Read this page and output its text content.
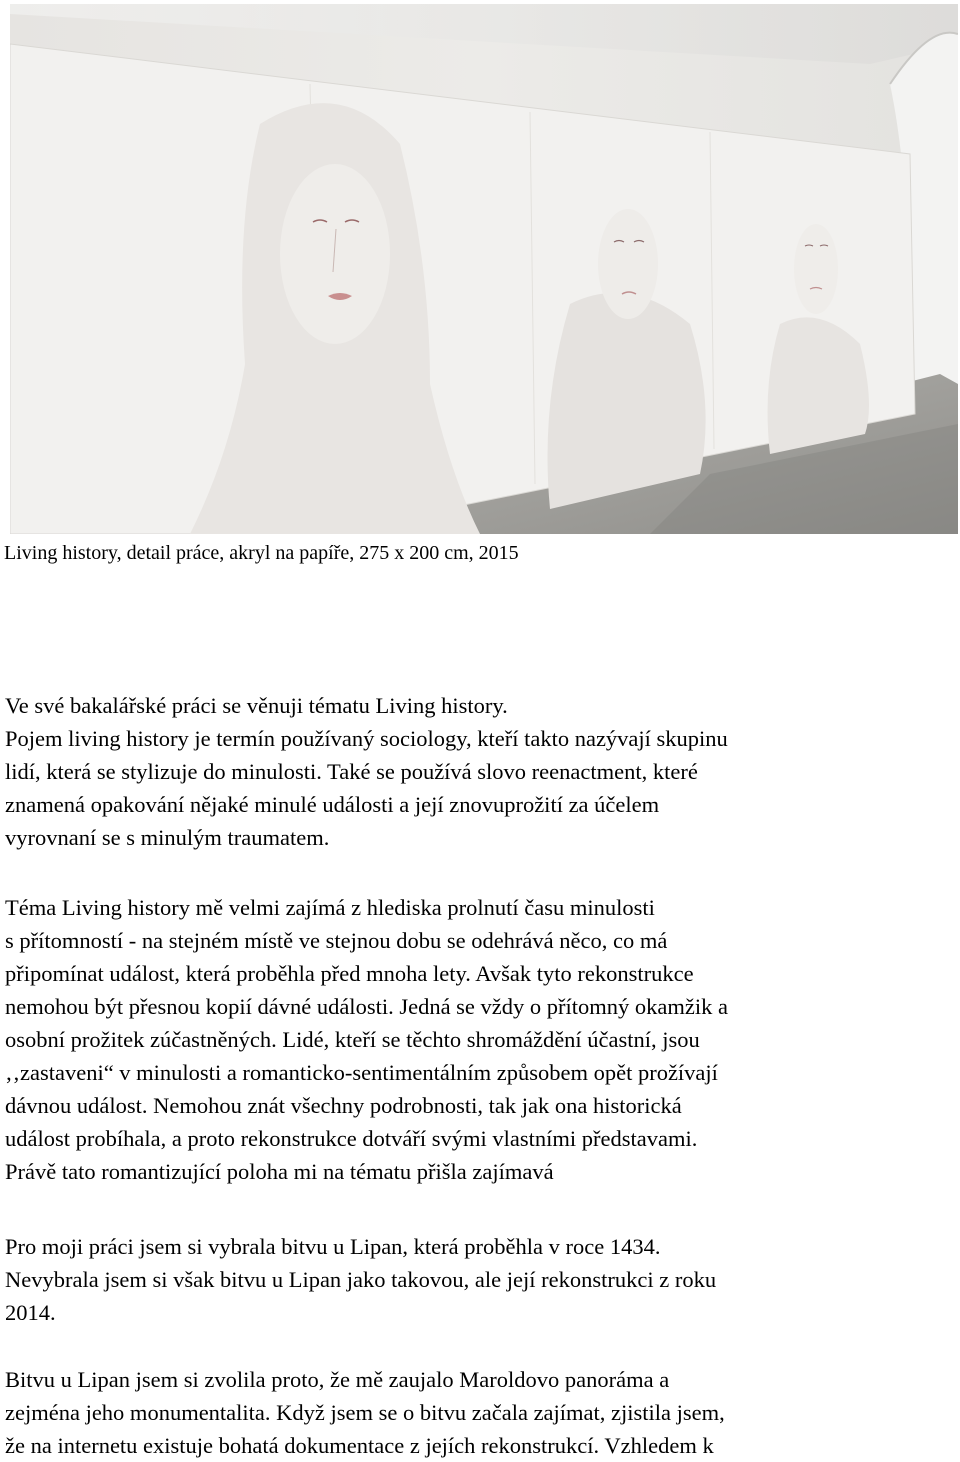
Living history, detail práce, akryl na papíře, 275 x 200 cm, 2015

Ve své bakalářské práci se věnuji tématu Living history.
Pojem living history je termín používaný sociology, kteří takto nazývají skupinu
lidí, která se stylizuje do minulosti. Také se používá slovo reenactment, které
znamená opakování nějaké minulé události a její znovuprožití za účelem
vyrovnaní se s minulým traumatem.

Téma Living history mě velmi zajímá z hlediska prolnutí času minulosti
s přítomností - na stejném místě ve stejnou dobu se odehrává něco, co má
připomínat událost, která proběhla před mnoha lety. Avšak tyto rekonstrukce
nemohou být přesnou kopií dávné události. Jedná se vždy o přítomný okamžik a
osobní prožitek zúčastněných. Lidé, kteří se těchto shromáždění účastní, jsou
‚‚zastaveni“ v minulosti a romanticko-sentimentálním způsobem opět prožívají
dávnou událost. Nemohou znát všechny podrobnosti, tak jak ona historická
událost probíhala, a proto rekonstrukce dotváří svými vlastními představami.
Právě tato romantizující poloha mi na tématu přišla zajímavá

Pro moji práci jsem si vybrala bitvu u Lipan, která proběhla v roce 1434.
Nevybrala jsem si však bitvu u Lipan jako takovou, ale její rekonstrukci z roku
2014.

Bitvu u Lipan jsem si zvolila proto, že mě zaujalo Maroldovo panoráma a
zejména jeho monumentalita. Když jsem se o bitvu začala zajímat, zjistila jsem,
že na internetu existuje bohatá dokumentace z jejích rekonstrukcí. Vzhledem k
